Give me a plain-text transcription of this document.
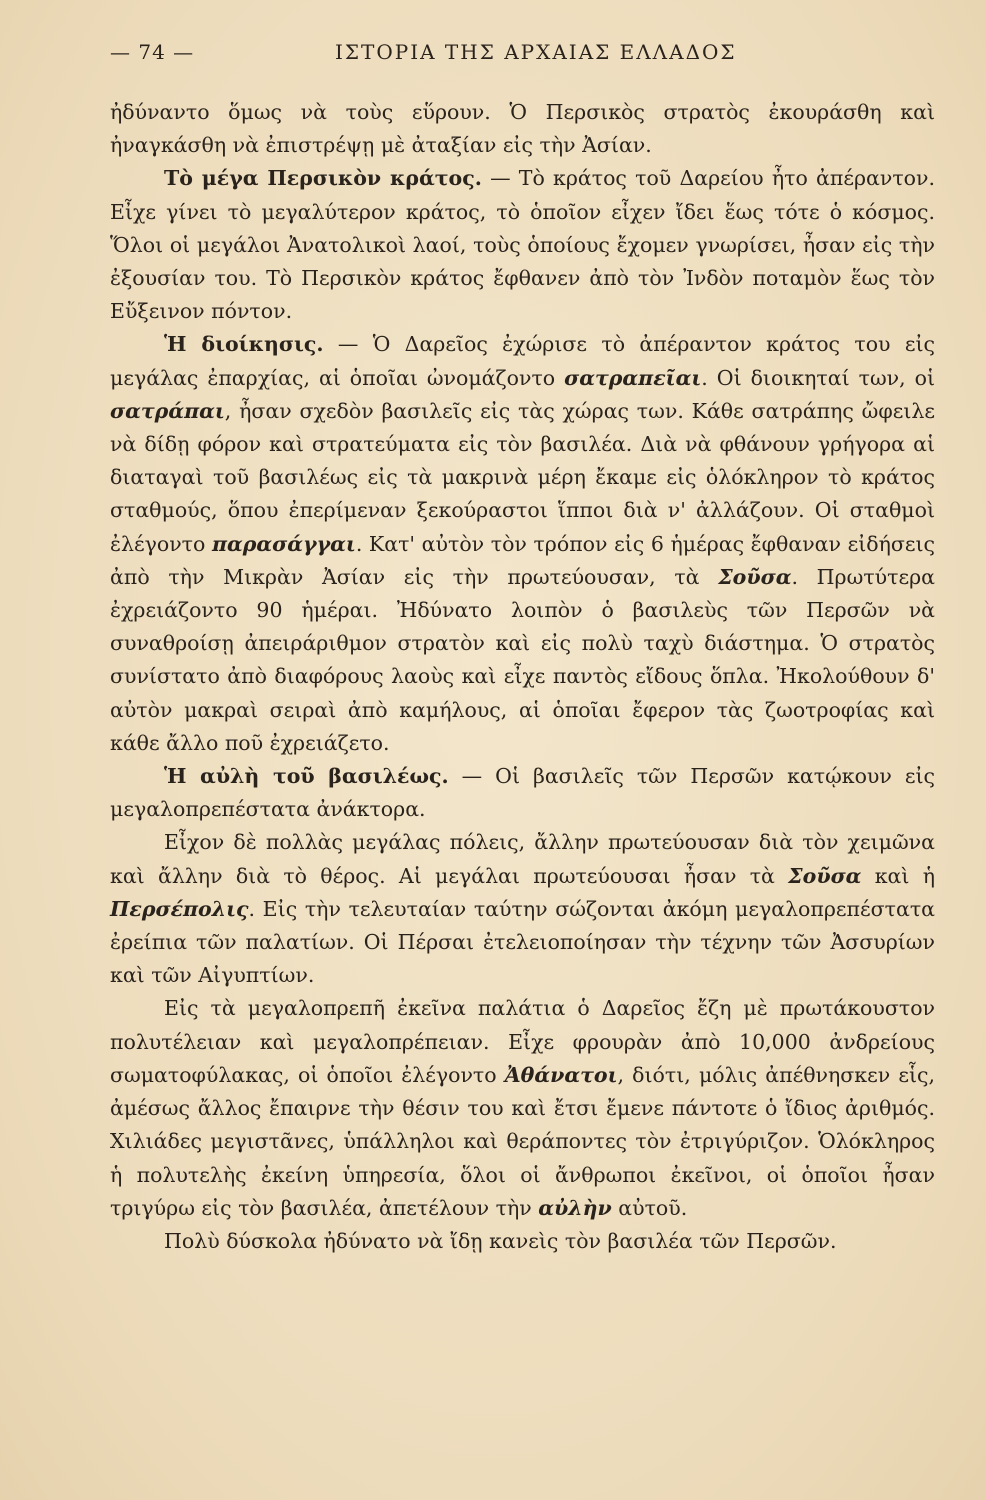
— 74 —	ΙΣΤΟΡΙΑ ΤΗΣ ΑΡΧΑΙΑΣ ΕΛΛΑΔΟΣ

ἠδύναντο ὅμως νὰ τοὺς εὕρουν. Ὁ Περσικὸς στρατὸς ἐκουράσθη καὶ ἠναγκάσθη νὰ ἐπιστρέψῃ μὲ ἀταξίαν εἰς τὴν Ἀσίαν.

Τὸ μέγα Περσικὸν κράτος. — Τὸ κράτος τοῦ Δαρείου ἦτο ἀπέραντον. Εἶχε γίνει τὸ μεγαλύτερον κράτος, τὸ ὁποῖον εἶχεν ἴδει ἕως τότε ὁ κόσμος. Ὅλοι οἱ μεγάλοι Ἀνατολικοὶ λαοί, τοὺς ὁποίους ἔχομεν γνωρίσει, ἦσαν εἰς τὴν ἐξουσίαν του. Τὸ Περσικὸν κράτος ἔφθανεν ἀπὸ τὸν Ἰνδὸν ποταμὸν ἕως τὸν Εὔξεινον πόντον.

Ἡ διοίκησις. — Ὁ Δαρεῖος ἐχώρισε τὸ ἀπέραντον κράτος του εἰς μεγάλας ἐπαρχίας, αἱ ὁποῖαι ὠνομάζοντο σατραπεῖαι. Οἱ διοικηταί των, οἱ σατράπαι, ἦσαν σχεδὸν βασιλεῖς εἰς τὰς χώρας των. Κάθε σατράπης ὤφειλε νὰ δίδῃ φόρον καὶ στρατεύματα εἰς τὸν βασιλέα. Διὰ νὰ φθάνουν γρήγορα αἱ διαταγαὶ τοῦ βασιλέως εἰς τὰ μακρινὰ μέρη ἔκαμε εἰς ὁλόκληρον τὸ κράτος σταθμούς, ὅπου ἐπερίμεναν ξεκούραστοι ἵπποι διὰ ν' ἀλλάζουν. Οἱ σταθμοὶ ἐλέγοντο παρασάγγαι. Κατ' αὐτὸν τὸν τρόπον εἰς 6 ἡμέρας ἔφθαναν εἰδήσεις ἀπὸ τὴν Μικρὰν Ἀσίαν εἰς τὴν πρωτεύουσαν, τὰ Σοῦσα. Πρωτύτερα ἐχρειάζοντο 90 ἡμέραι. Ἠδύνατο λοιπὸν ὁ βασιλεὺς τῶν Περσῶν νὰ συναθροίσῃ ἀπειράριθμον στρατὸν καὶ εἰς πολὺ ταχὺ διάστημα. Ὁ στρατὸς συνίστατο ἀπὸ διαφόρους λαοὺς καὶ εἶχε παντὸς εἴδους ὅπλα. Ἠκολούθουν δ' αὐτὸν μακραὶ σειραὶ ἀπὸ καμήλους, αἱ ὁποῖαι ἔφερον τὰς ζωοτροφίας καὶ κάθε ἄλλο ποῦ ἐχρειάζετο.

Ἡ αὐλὴ τοῦ βασιλέως. — Οἱ βασιλεῖς τῶν Περσῶν κατῴκουν εἰς μεγαλοπρεπέστατα ἀνάκτορα.

Εἶχον δὲ πολλὰς μεγάλας πόλεις, ἄλλην πρωτεύουσαν διὰ τὸν χειμῶνα καὶ ἄλλην διὰ τὸ θέρος. Αἱ μεγάλαι πρωτεύουσαι ἦσαν τὰ Σοῦσα καὶ ἡ Περσέπολις. Εἰς τὴν τελευταίαν ταύτην σώζονται ἀκόμη μεγαλοπρεπέστατα ἐρείπια τῶν παλατίων. Οἱ Πέρσαι ἐτελειοποίησαν τὴν τέχνην τῶν Ἀσσυρίων καὶ τῶν Αἰγυπτίων.

Εἰς τὰ μεγαλοπρεπῆ ἐκεῖνα παλάτια ὁ Δαρεῖος ἔζη μὲ πρωτάκουστον πολυτέλειαν καὶ μεγαλοπρέπειαν. Εἶχε φρουρὰν ἀπὸ 10,000 ἀνδρείους σωματοφύλακας, οἱ ὁποῖοι ἐλέγοντο Ἀθάνατοι, διότι, μόλις ἀπέθνησκεν εἷς, ἀμέσως ἄλλος ἔπαιρνε τὴν θέσιν του καὶ ἔτσι ἔμενε πάντοτε ὁ ἴδιος ἀριθμός. Χιλιάδες μεγιστᾶνες, ὑπάλληλοι καὶ θεράποντες τὸν ἐτριγύριζον. Ὁλόκληρος ἡ πολυτελὴς ἐκείνη ὑπηρεσία, ὅλοι οἱ ἄνθρωποι ἐκεῖνοι, οἱ ὁποῖοι ἦσαν τριγύρω εἰς τὸν βασιλέα, ἀπετέλουν τὴν αὐλὴν αὐτοῦ.

Πολὺ δύσκολα ἠδύνατο νὰ ἴδῃ κανεὶς τὸν βασιλέα τῶν Περσῶν.
